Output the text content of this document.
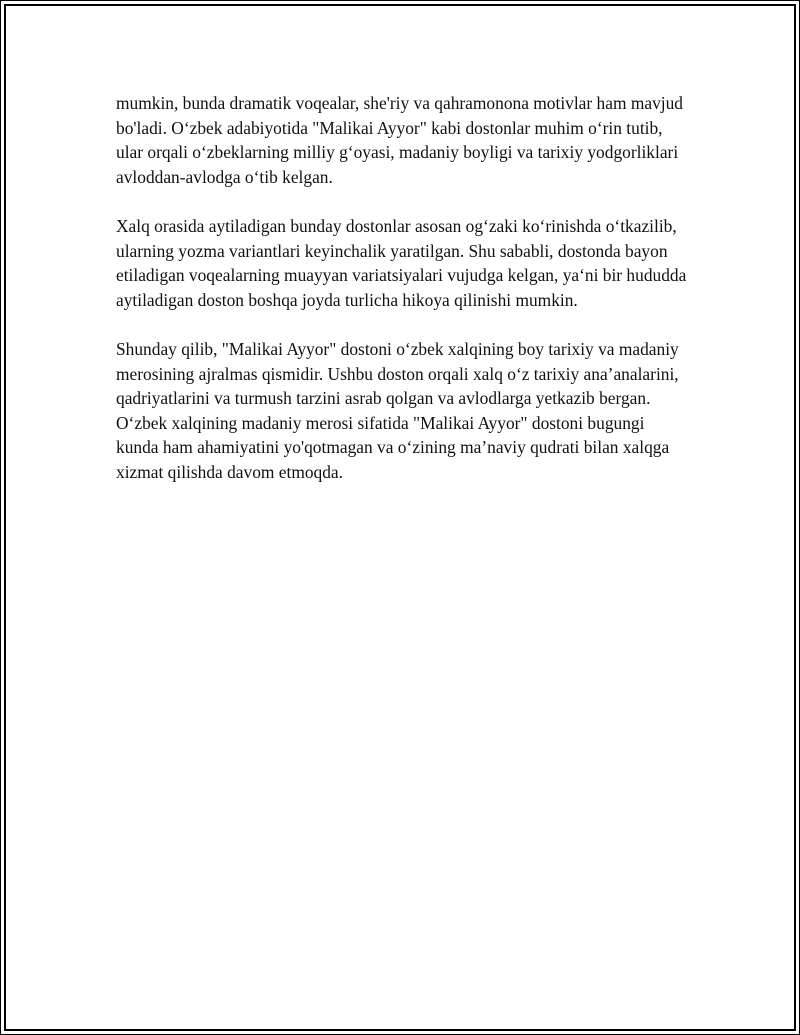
mumkin, bunda dramatik voqealar, she'riy va qahramonona motivlar ham mavjud bo'ladi. O‘zbek adabiyotida "Malikai Ayyor" kabi dostonlar muhim o‘rin tutib, ular orqali o‘zbeklarning milliy g‘oyasi, madaniy boyligi va tarixiy yodgorliklari avloddan-avlodga o‘tib kelgan.

Xalq orasida aytiladigan bunday dostonlar asosan og‘zaki ko‘rinishda o‘tkazilib, ularning yozma variantlari keyinchalik yaratilgan. Shu sababli, dostonda bayon etiladigan voqealarning muayyan variatsiyalari vujudga kelgan, ya‘ni bir hududda aytiladigan doston boshqa joyda turlicha hikoya qilinishi mumkin.

Shunday qilib, "Malikai Ayyor" dostoni o‘zbek xalqining boy tarixiy va madaniy merosining ajralmas qismidir. Ushbu doston orqali xalq o‘z tarixiy ana’analarini, qadriyatlarini va turmush tarzini asrab qolgan va avlodlarga yetkazib bergan. O‘zbek xalqining madaniy merosi sifatida "Malikai Ayyor" dostoni bugungi kunda ham ahamiyatini yo'qotmagan va o‘zining ma’naviy qudrati bilan xalqga xizmat qilishda davom etmoqda.
